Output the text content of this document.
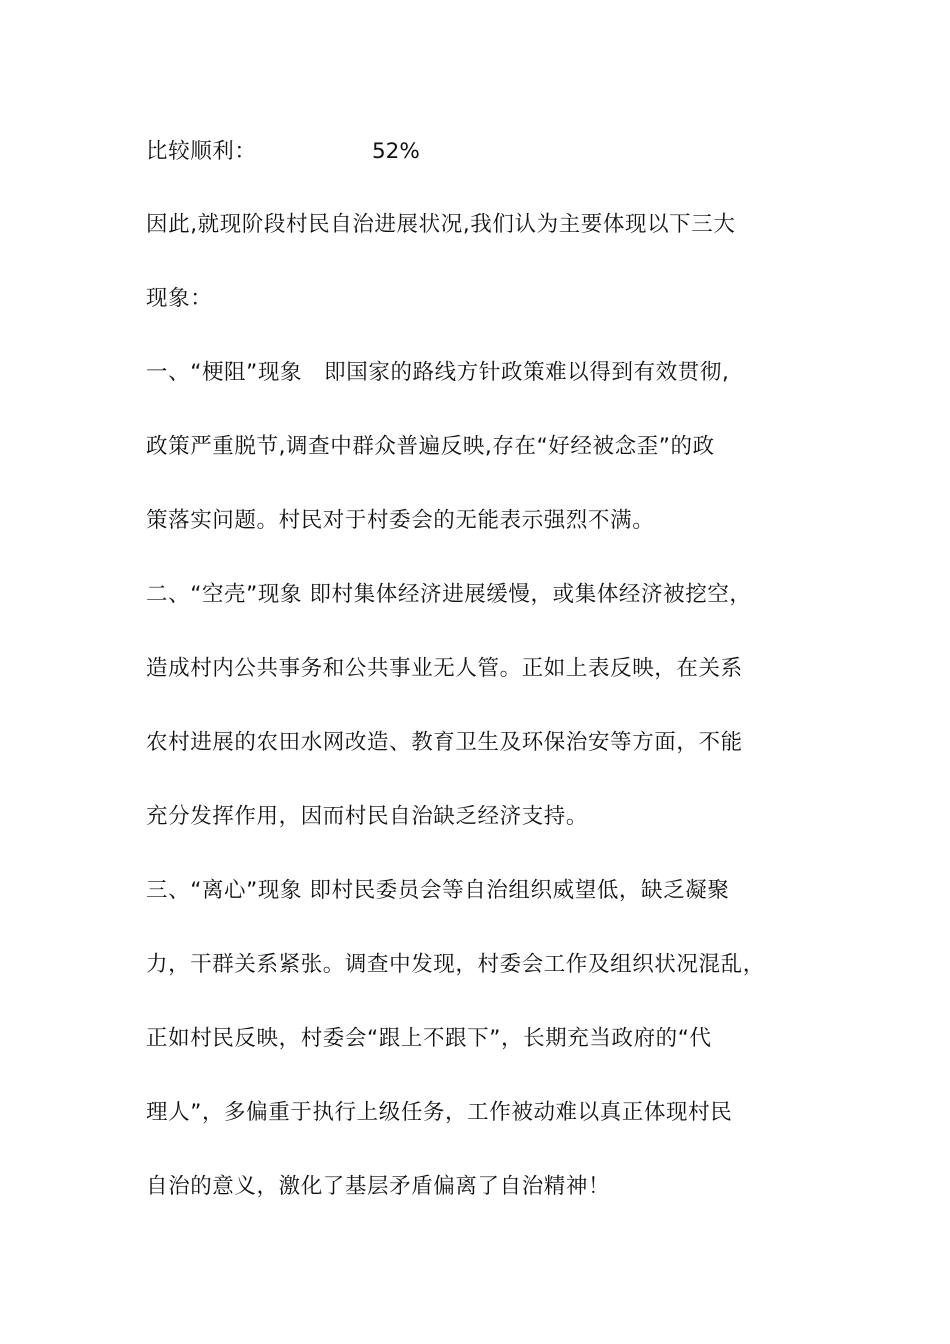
比较顺利：	52%
因此,就现阶段村民自治进展状况,我们认为主要体现以下三大
现象：
一、“梗阻”现象　即国家的路线方针政策难以得到有效贯彻,
政策严重脱节,调查中群众普遍反映,存在“好经被念歪”的政
策落实问题。村民对于村委会的无能表示强烈不满。
二、“空壳”现象 即村集体经济进展缓慢，或集体经济被挖空，
造成村内公共事务和公共事业无人管。正如上表反映，在关系
农村进展的农田水网改造、教育卫生及环保治安等方面，不能
充分发挥作用，因而村民自治缺乏经济支持。
三、“离心”现象 即村民委员会等自治组织威望低，缺乏凝聚
力，干群关系紧张。调查中发现，村委会工作及组织状况混乱，
正如村民反映，村委会“跟上不跟下”，长期充当政府的“代
理人”，多偏重于执行上级任务，工作被动难以真正体现村民
自治的意义，激化了基层矛盾偏离了自治精神！
